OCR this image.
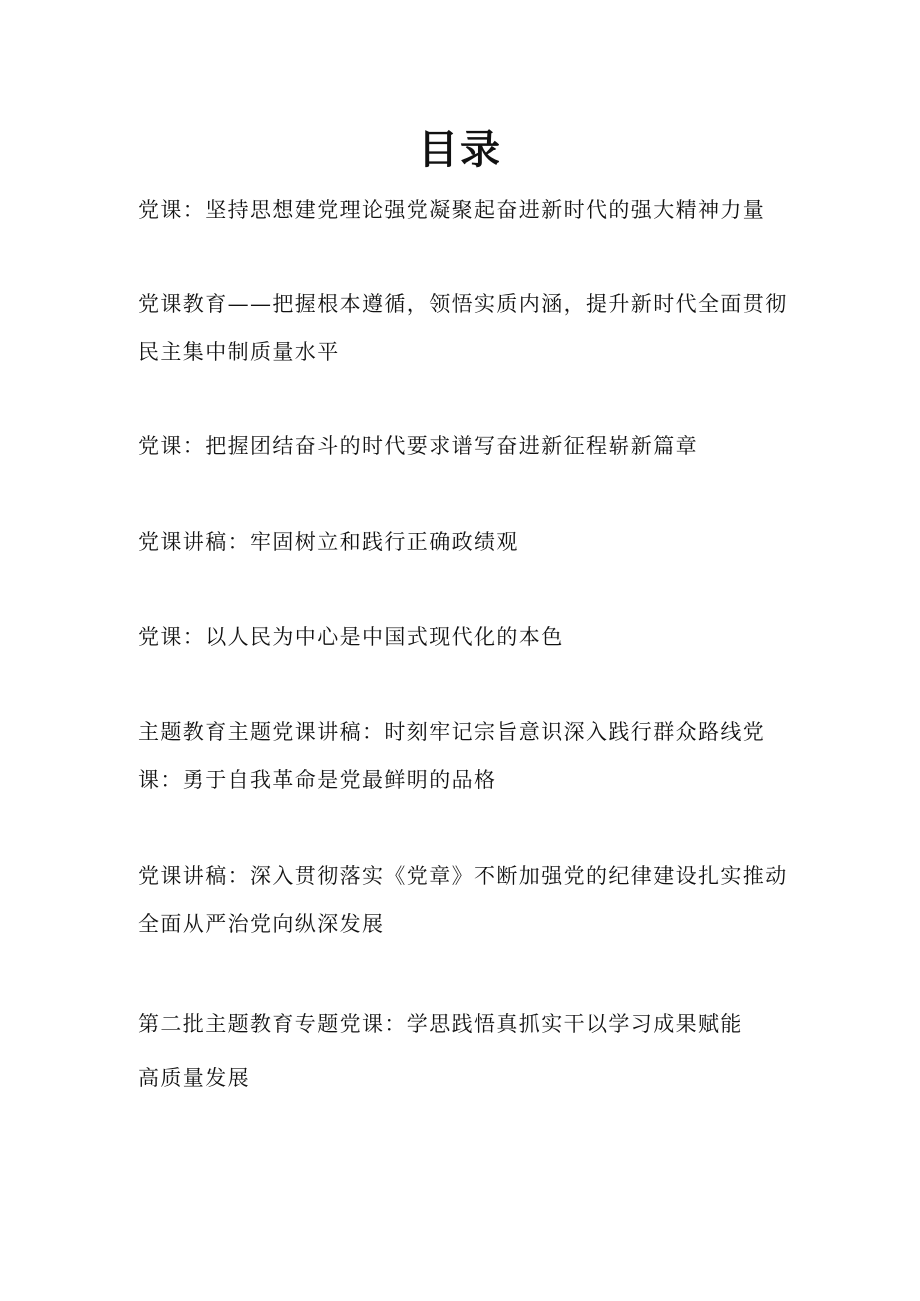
目录
党课：坚持思想建党理论强党凝聚起奋进新时代的强大精神力量
党课教育——把握根本遵循，领悟实质内涵，提升新时代全面贯彻
民主集中制质量水平
党课：把握团结奋斗的时代要求谱写奋进新征程崭新篇章
党课讲稿：牢固树立和践行正确政绩观
党课：以人民为中心是中国式现代化的本色
主题教育主题党课讲稿：时刻牢记宗旨意识深入践行群众路线党
课：勇于自我革命是党最鲜明的品格
党课讲稿：深入贯彻落实《党章》不断加强党的纪律建设扎实推动
全面从严治党向纵深发展
第二批主题教育专题党课：学思践悟真抓实干以学习成果赋能
高质量发展
